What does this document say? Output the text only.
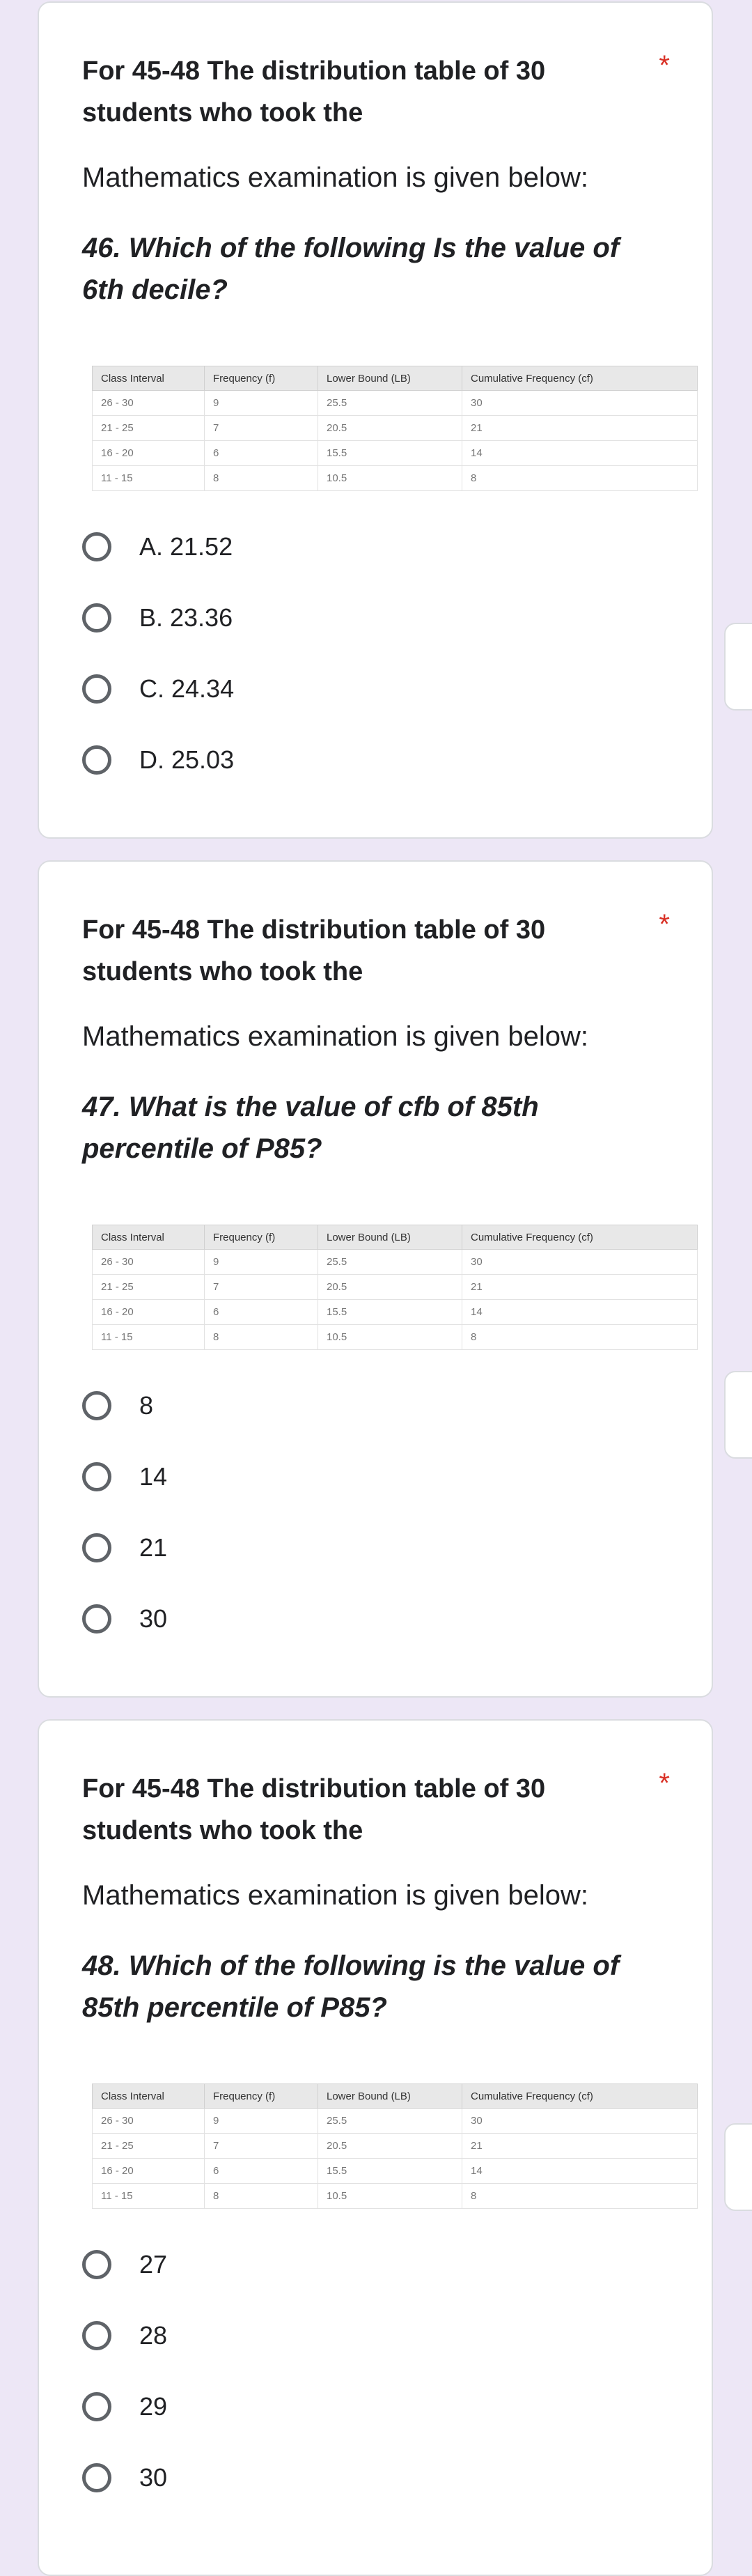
For 45-48 The distribution table of 30 students who took the
*
Mathematics examination is given below:
46. Which of the following Is the value of 6th decile?
Class Interval	Frequency (f)	Lower Bound (LB)	Cumulative Frequency (cf)
26 - 30	9	25.5	30
21 - 25	7	20.5	21
16 - 20	6	15.5	14
11 - 15	8	10.5	8
A. 21.52
B. 23.36
C. 24.34
D. 25.03
For 45-48 The distribution table of 30 students who took the
*
Mathematics examination is given below:
47. What is the value of cfb of 85th percentile of P85?
Class Interval	Frequency (f)	Lower Bound (LB)	Cumulative Frequency (cf)
26 - 30	9	25.5	30
21 - 25	7	20.5	21
16 - 20	6	15.5	14
11 - 15	8	10.5	8
8
14
21
30
For 45-48 The distribution table of 30 students who took the
*
Mathematics examination is given below:
48. Which of the following is the value of 85th percentile of P85?
Class Interval	Frequency (f)	Lower Bound (LB)	Cumulative Frequency (cf)
26 - 30	9	25.5	30
21 - 25	7	20.5	21
16 - 20	6	15.5	14
11 - 15	8	10.5	8
27
28
29
30
